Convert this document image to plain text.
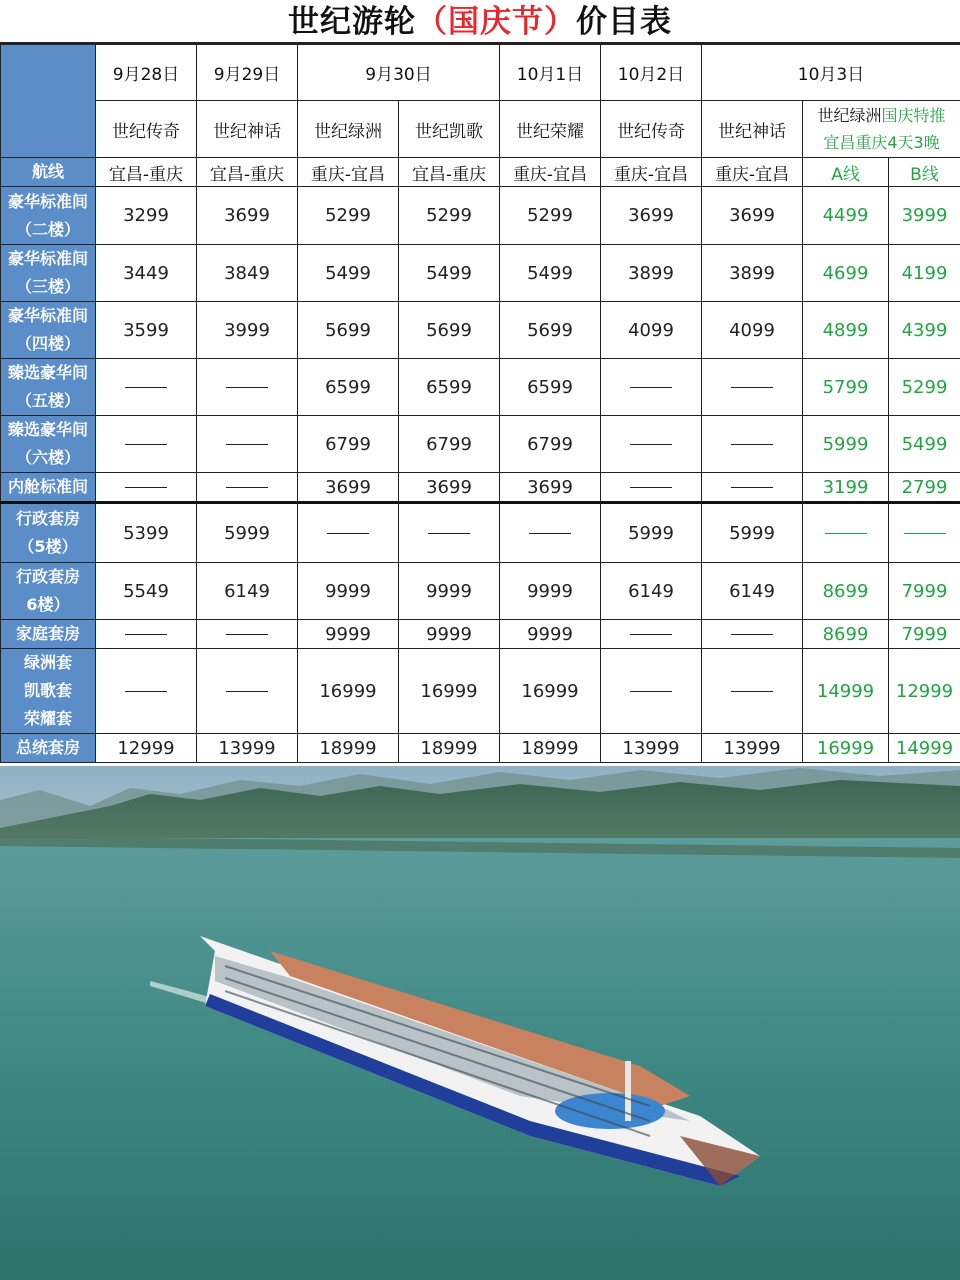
世纪游轮（国庆节）价目表
	9月28日	9月29日	9月30日		10月1日	10月2日	10月3日		
	世纪传奇	世纪神话	世纪绿洲	世纪凯歌	世纪荣耀	世纪传奇	世纪神话	世纪绿洲国庆特推
宜昌重庆4天3晚	

航线	宜昌-重庆	宜昌-重庆	重庆-宜昌	宜昌-重庆	重庆-宜昌	重庆-宜昌	重庆-宜昌	A线	B线

豪华标准间
（二楼）	3299	3699	5299	5299	5299	3699	3699	4499	3999

豪华标准间
（三楼）	3449	3849	5499	5499	5499	3899	3899	4699	4199

豪华标准间
（四楼）	3599	3999	5699	5699	5699	4099	4099	4899	4399

臻选豪华间
（五楼）			6599	6599	6599			5799	5299

臻选豪华间
（六楼）			6799	6799	6799			5999	5499

内舱标准间			3699	3699	3699			3199	2799

行政套房
（5楼）	5399	5999				5999	5999		

行政套房
6楼）	5549	6149	9999	9999	9999	6149	6149	8699	7999

家庭套房			9999	9999	9999			8699	7999

绿洲套
凯歌套
荣耀套			16999	16999	16999			14999	12999

总统套房	12999	13999	18999	18999	18999	13999	13999	16999	14999
